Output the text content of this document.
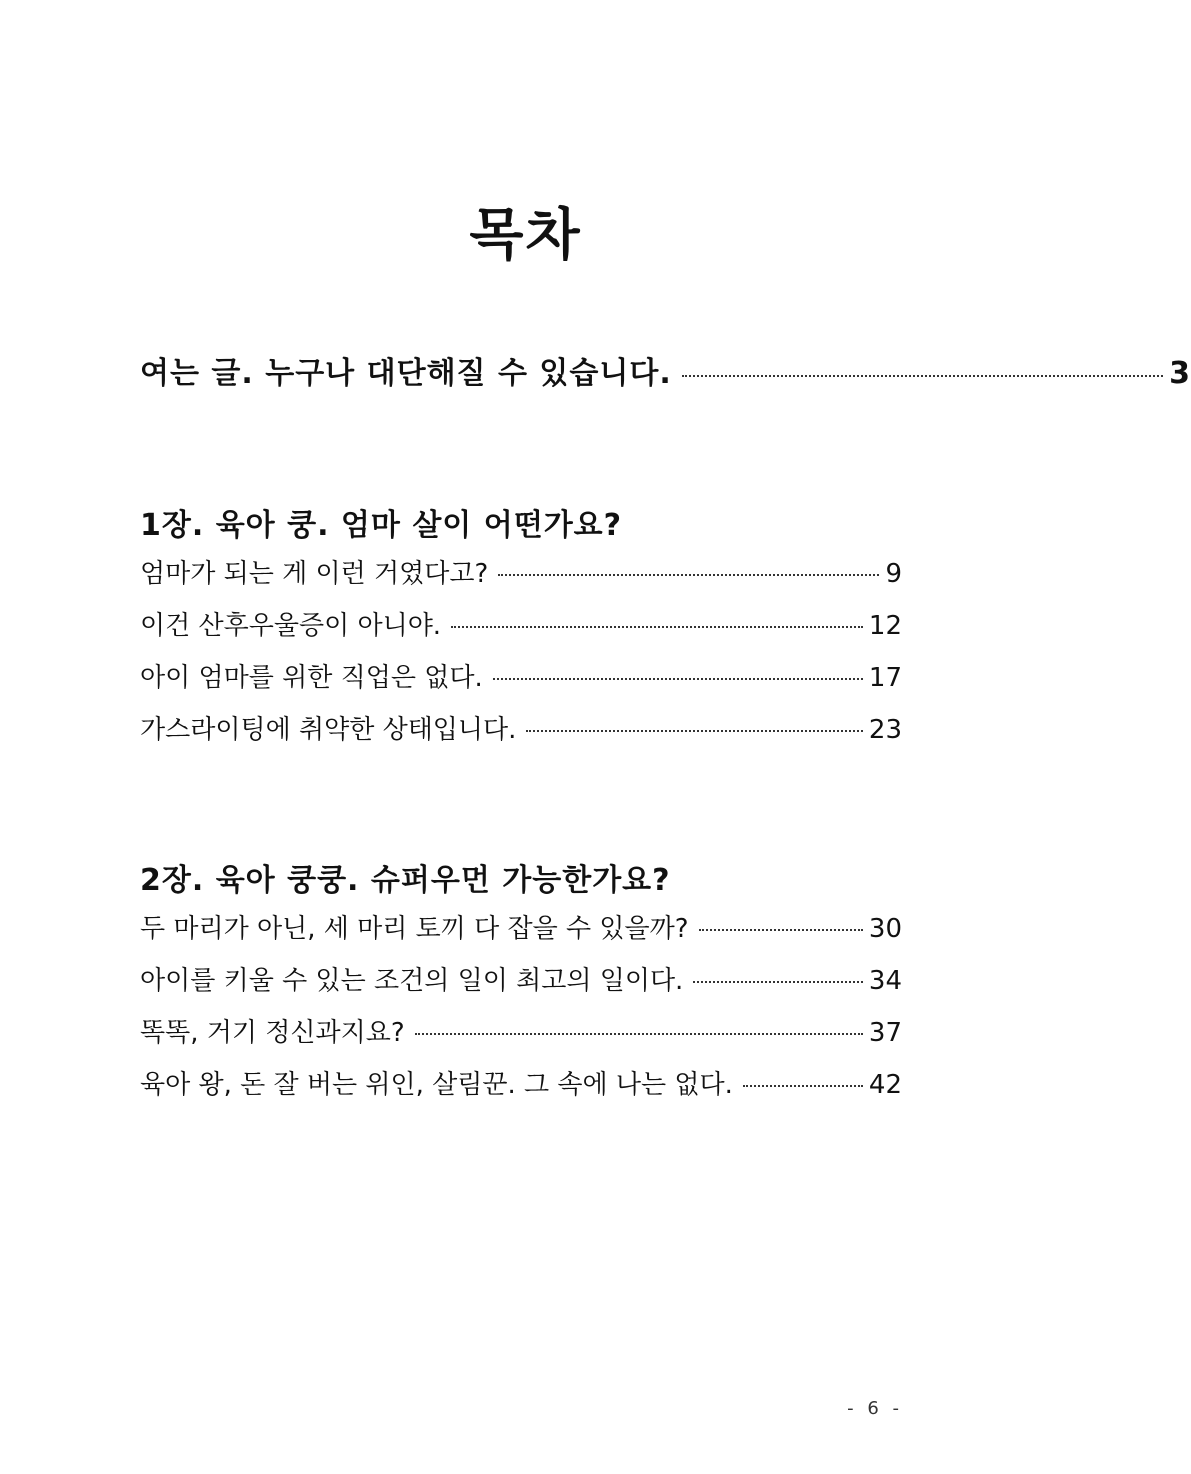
목차
여는 글. 누구나 대단해질 수 있습니다.	3
1장. 육아 쿵. 엄마 살이 어떤가요?
엄마가 되는 게 이런 거였다고?	9
이건 산후우울증이 아니야.	12
아이 엄마를 위한 직업은 없다.	17
가스라이팅에 취약한 상태입니다.	23
2장. 육아 쿵쿵. 슈퍼우먼 가능한가요?
두 마리가 아닌, 세 마리 토끼 다 잡을 수 있을까?	30
아이를 키울 수 있는 조건의 일이 최고의 일이다.	34
똑똑, 거기 정신과지요?	37
육아 왕, 돈 잘 버는 위인, 살림꾼. 그 속에 나는 없다.	42
- 6 -
